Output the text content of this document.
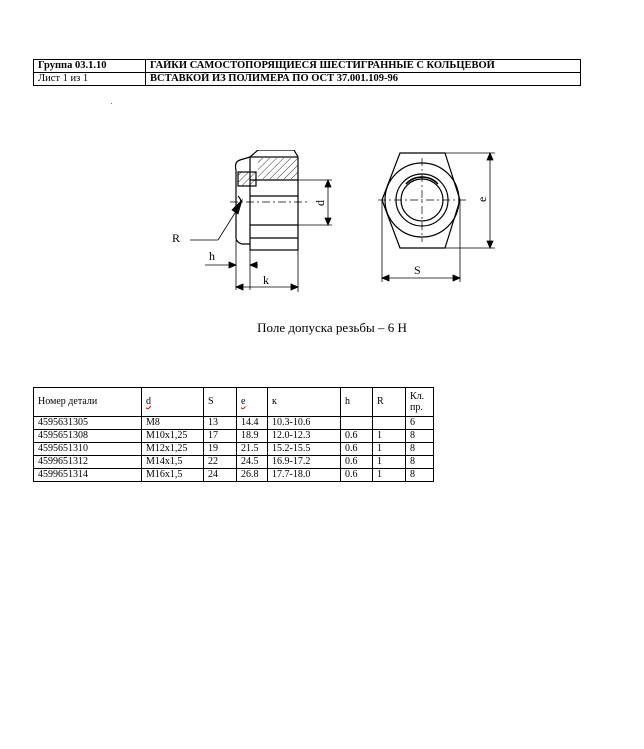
Группа 03.1.10	ГАЙКИ САМОСТОПОРЯЩИЕСЯ ШЕСТИГРАННЫЕ С КОЛЬЦЕВОЙ
Лист 1 из 1	ВСТАВКОЙ ИЗ ПОЛИМЕРА ПО ОСТ 37.001.109-96
R
h
k
d
e
S
Поле допуска резьбы – 6 Н
Номер детали	d	S	e	к	h	R	Кл. пр.
4595631305	М8	13	14.4	10.3-10.6			6
4595651308	М10х1,25	17	18.9	12.0-12.3	0.6	1	8
4595651310	М12х1,25	19	21.5	15.2-15.5	0.6	1	8
4599651312	М14х1,5	22	24.5	16.9-17.2	0.6	1	8
4599651314	М16х1,5	24	26.8	17.7-18.0	0.6	1	8
